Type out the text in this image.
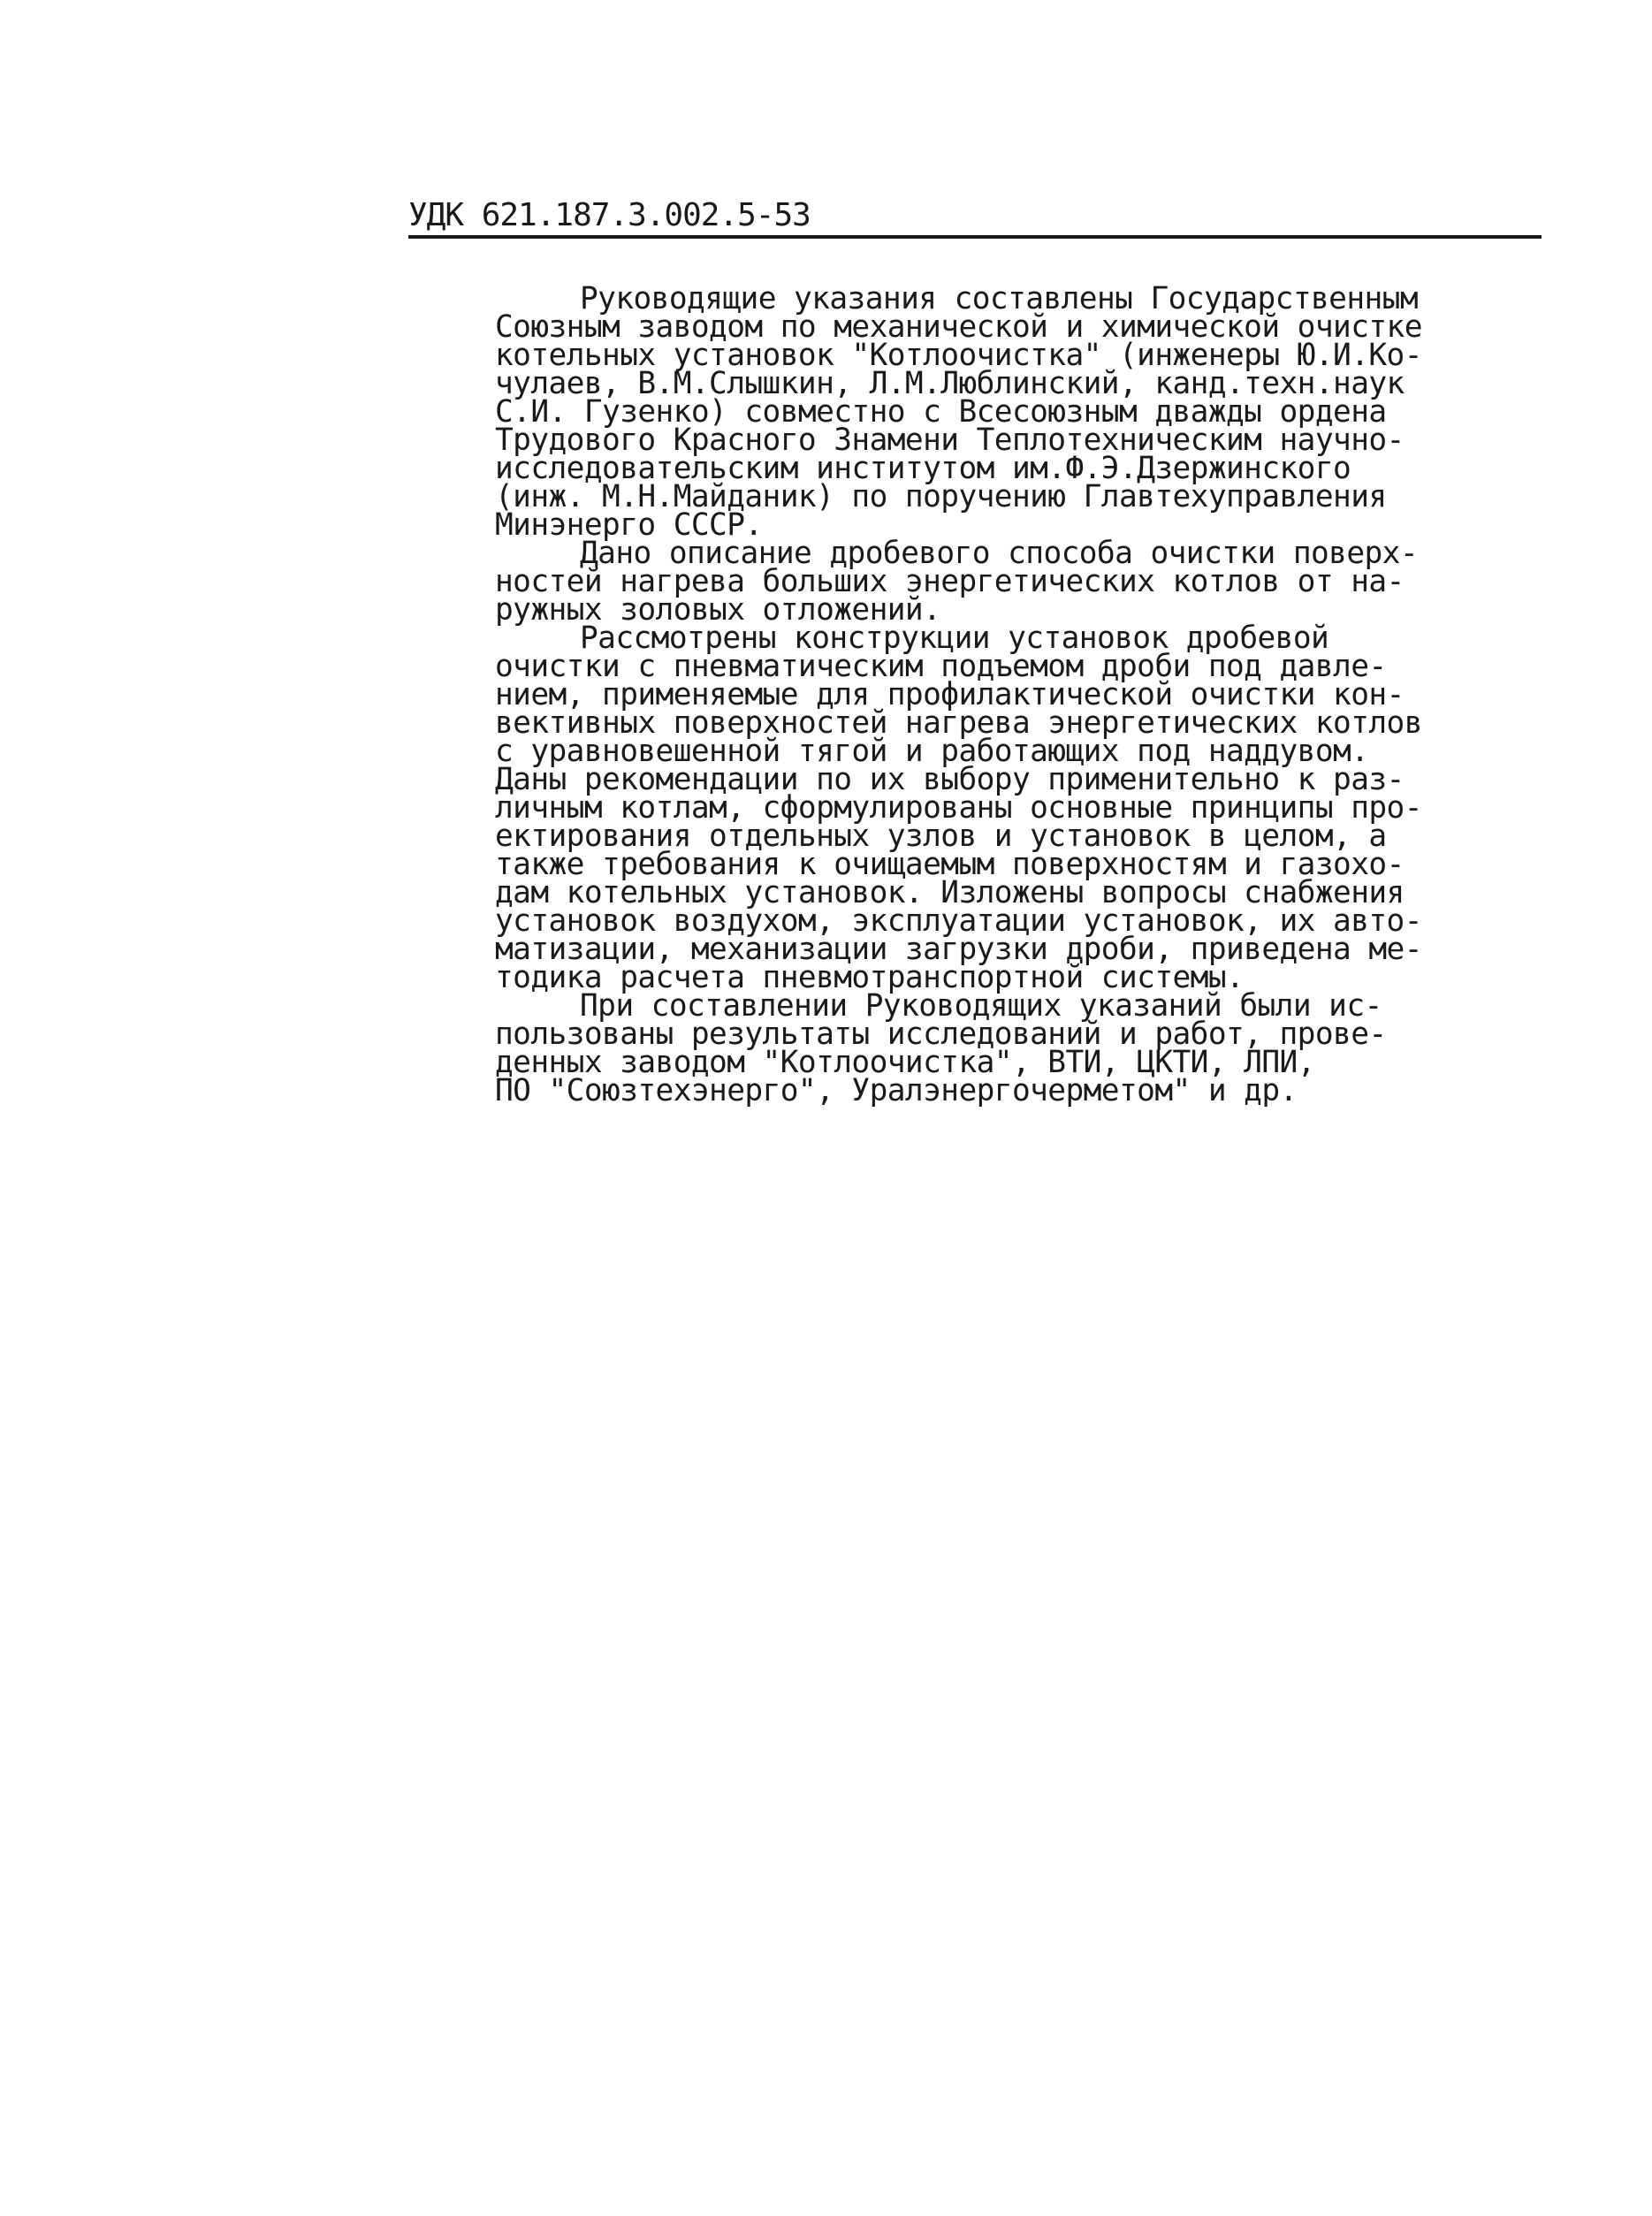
УДК 621.187.3.002.5-53
Руководящие указания составлены Государственным
Союзным заводом по механической и химической очистке
котельных установок "Котлоочистка" (инженеры Ю.И.Ко-
чулаев, В.М.Слышкин, Л.М.Люблинский, канд.техн.наук
С.И. Гузенко) совместно с Всесоюзным дважды ордена
Трудового Красного Знамени Теплотехническим научно-
исследовательским институтом им.Ф.Э.Дзержинского
(инж. М.Н.Майданик) по поручению Главтехуправления
Минэнерго СССР.
Дано описание дробевого способа очистки поверх-
ностей нагрева больших энергетических котлов от на-
ружных золовых отложений.
Рассмотрены конструкции установок дробевой
очистки с пневматическим подъемом дроби под давле-
нием, применяемые для профилактической очистки кон-
вективных поверхностей нагрева энергетических котлов
с уравновешенной тягой и работающих под наддувом.
Даны рекомендации по их выбору применительно к раз-
личным котлам, сформулированы основные принципы про-
ектирования отдельных узлов и установок в целом, а
также требования к очищаемым поверхностям и газохо-
дам котельных установок. Изложены вопросы снабжения
установок воздухом, эксплуатации установок, их авто-
матизации, механизации загрузки дроби, приведена ме-
тодика расчета пневмотранспортной системы.
При составлении Руководящих указаний были ис-
пользованы результаты исследований и работ, прове-
денных заводом "Котлоочистка", ВТИ, ЦКТИ, ЛПИ,
ПО "Союзтехэнерго", Уралэнергочерметом" и др.
